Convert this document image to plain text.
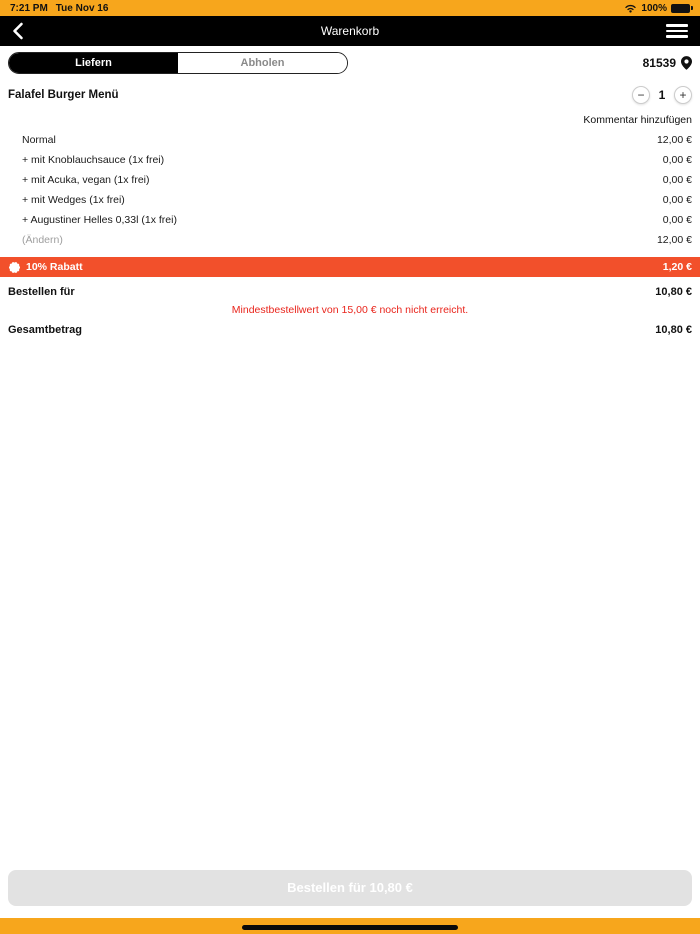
7:21 PM Tue Nov 16	100%
Warenkorb
Liefern	Abholen	81539
Falafel Burger Menü	−	1	+
Kommentar hinzufügen
Normal	12,00 €
+ mit Knoblauchsauce (1x frei)	0,00 €
+ mit Acuka, vegan (1x frei)	0,00 €
+ mit Wedges (1x frei)	0,00 €
+ Augustiner Helles 0,33l (1x frei)	0,00 €
(Ändern)	12,00 €
10% Rabatt	1,20 €
Bestellen für	10,80 €
Mindestbestellwert von 15,00 € noch nicht erreicht.
Gesamtbetrag	10,80 €
Bestellen für 10,80 €
